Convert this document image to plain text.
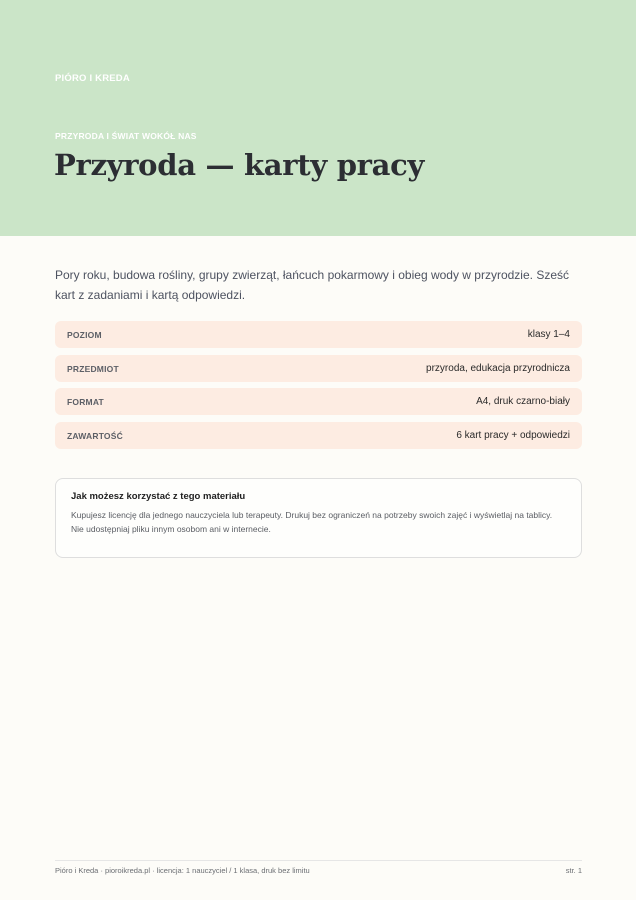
PIÓRO I KREDA
PRZYRODA I ŚWIAT WOKÓŁ NAS
Przyroda — karty pracy

Pory roku, budowa rośliny, grupy zwierząt, łańcuch pokarmowy i obieg wody w przyrodzie. Sześć kart z zadaniami i kartą odpowiedzi.

POZIOM	klasy 1–4
PRZEDMIOT	przyroda, edukacja przyrodnicza
FORMAT	A4, druk czarno-biały
ZAWARTOŚĆ	6 kart pracy + odpowiedzi
Jak możesz korzystać z tego materiału
Kupujesz licencję dla jednego nauczyciela lub terapeuty. Drukuj bez ograniczeń na potrzeby swoich zajęć i wyświetlaj na tablicy. Nie udostępniaj pliku innym osobom ani w internecie.
Pióro i Kreda · pioroikreda.pl · licencja: 1 nauczyciel / 1 klasa, druk bez limitu	str. 1
